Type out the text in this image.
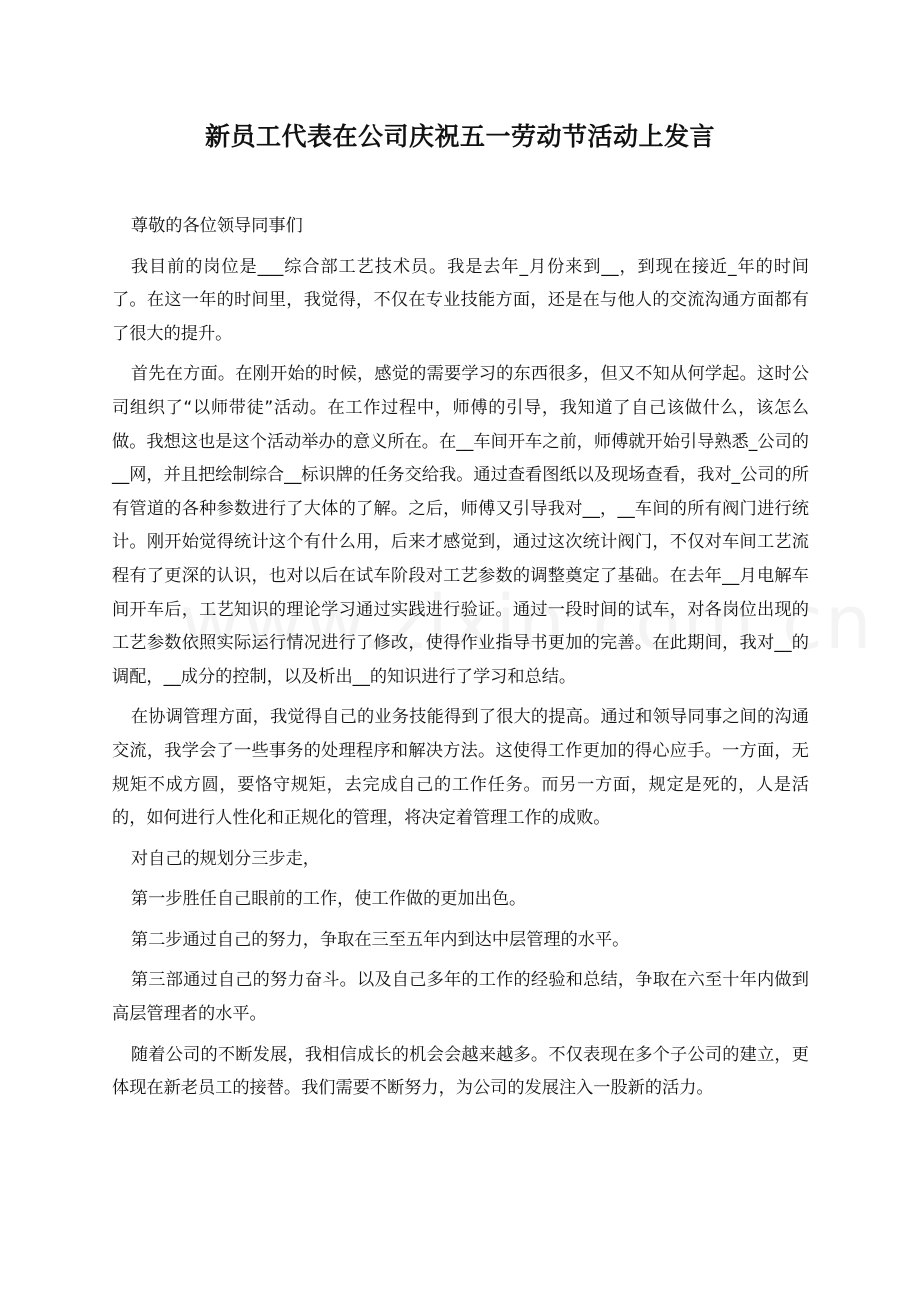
新员工代表在公司庆祝五一劳动节活动上发言

尊敬的各位领导同事们

我目前的岗位是___综合部工艺技术员。我是去年_月份来到__，到现在接近_年的时间了。在这一年的时间里，我觉得，不仅在专业技能方面，还是在与他人的交流沟通方面都有了很大的提升。

首先在方面。在刚开始的时候，感觉的需要学习的东西很多，但又不知从何学起。这时公司组织了“以师带徒”活动。在工作过程中，师傅的引导，我知道了自己该做什么，该怎么做。我想这也是这个活动举办的意义所在。在__车间开车之前，师傅就开始引导熟悉_公司的__网，并且把绘制综合__标识牌的任务交给我。通过查看图纸以及现场查看，我对_公司的所有管道的各种参数进行了大体的了解。之后，师傅又引导我对__，__车间的所有阀门进行统计。刚开始觉得统计这个有什么用，后来才感觉到，通过这次统计阀门，不仅对车间工艺流程有了更深的认识，也对以后在试车阶段对工艺参数的调整奠定了基础。在去年__月电解车间开车后，工艺知识的理论学习通过实践进行验证。通过一段时间的试车，对各岗位出现的工艺参数依照实际运行情况进行了修改，使得作业指导书更加的完善。在此期间，我对__的调配，__成分的控制，以及析出__的知识进行了学习和总结。

在协调管理方面，我觉得自己的业务技能得到了很大的提高。通过和领导同事之间的沟通交流，我学会了一些事务的处理程序和解决方法。这使得工作更加的得心应手。一方面，无规矩不成方圆，要恪守规矩，去完成自己的工作任务。而另一方面，规定是死的，人是活的，如何进行人性化和正规化的管理，将决定着管理工作的成败。

对自己的规划分三步走，

第一步胜任自己眼前的工作，使工作做的更加出色。

第二步通过自己的努力，争取在三至五年内到达中层管理的水平。

第三部通过自己的努力奋斗。以及自己多年的工作的经验和总结，争取在六至十年内做到高层管理者的水平。

随着公司的不断发展，我相信成长的机会会越来越多。不仅表现在多个子公司的建立，更体现在新老员工的接替。我们需要不断努力，为公司的发展注入一股新的活力。
